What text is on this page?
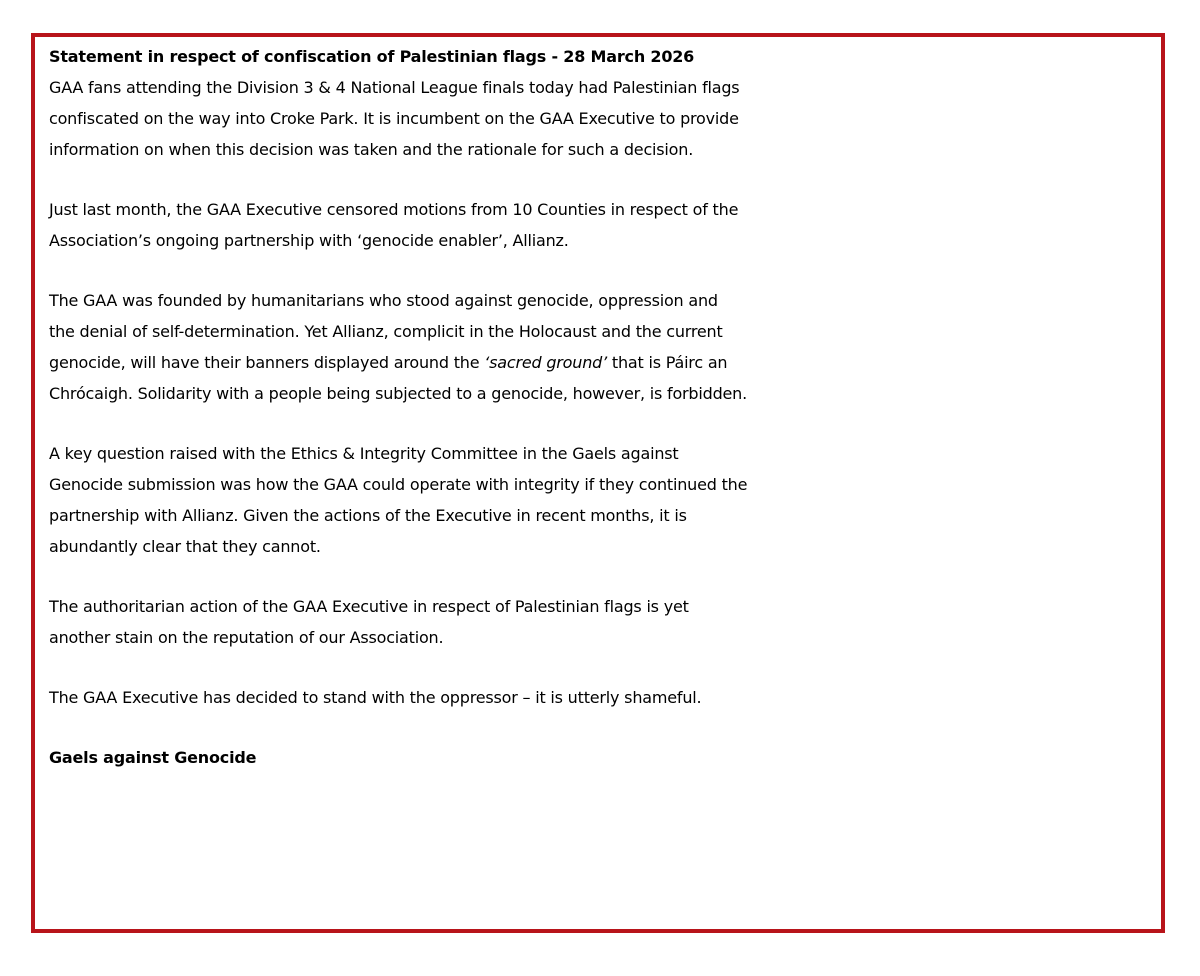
Statement in respect of confiscation of Palestinian flags - 28 March 2026
GAA fans attending the Division 3 & 4 National League finals today had Palestinian flags
confiscated on the way into Croke Park. It is incumbent on the GAA Executive to provide
information on when this decision was taken and the rationale for such a decision.
Just last month, the GAA Executive censored motions from 10 Counties in respect of the
Association’s ongoing partnership with ‘genocide enabler’, Allianz.
The GAA was founded by humanitarians who stood against genocide, oppression and
the denial of self-determination. Yet Allianz, complicit in the Holocaust and the current
genocide, will have their banners displayed around the ‘sacred ground’ that is Páirc an
Chrócaigh. Solidarity with a people being subjected to a genocide, however, is forbidden.
A key question raised with the Ethics & Integrity Committee in the Gaels against
Genocide submission was how the GAA could operate with integrity if they continued the
partnership with Allianz. Given the actions of the Executive in recent months, it is
abundantly clear that they cannot.
The authoritarian action of the GAA Executive in respect of Palestinian flags is yet
another stain on the reputation of our Association.
The GAA Executive has decided to stand with the oppressor – it is utterly shameful.
Gaels against Genocide
